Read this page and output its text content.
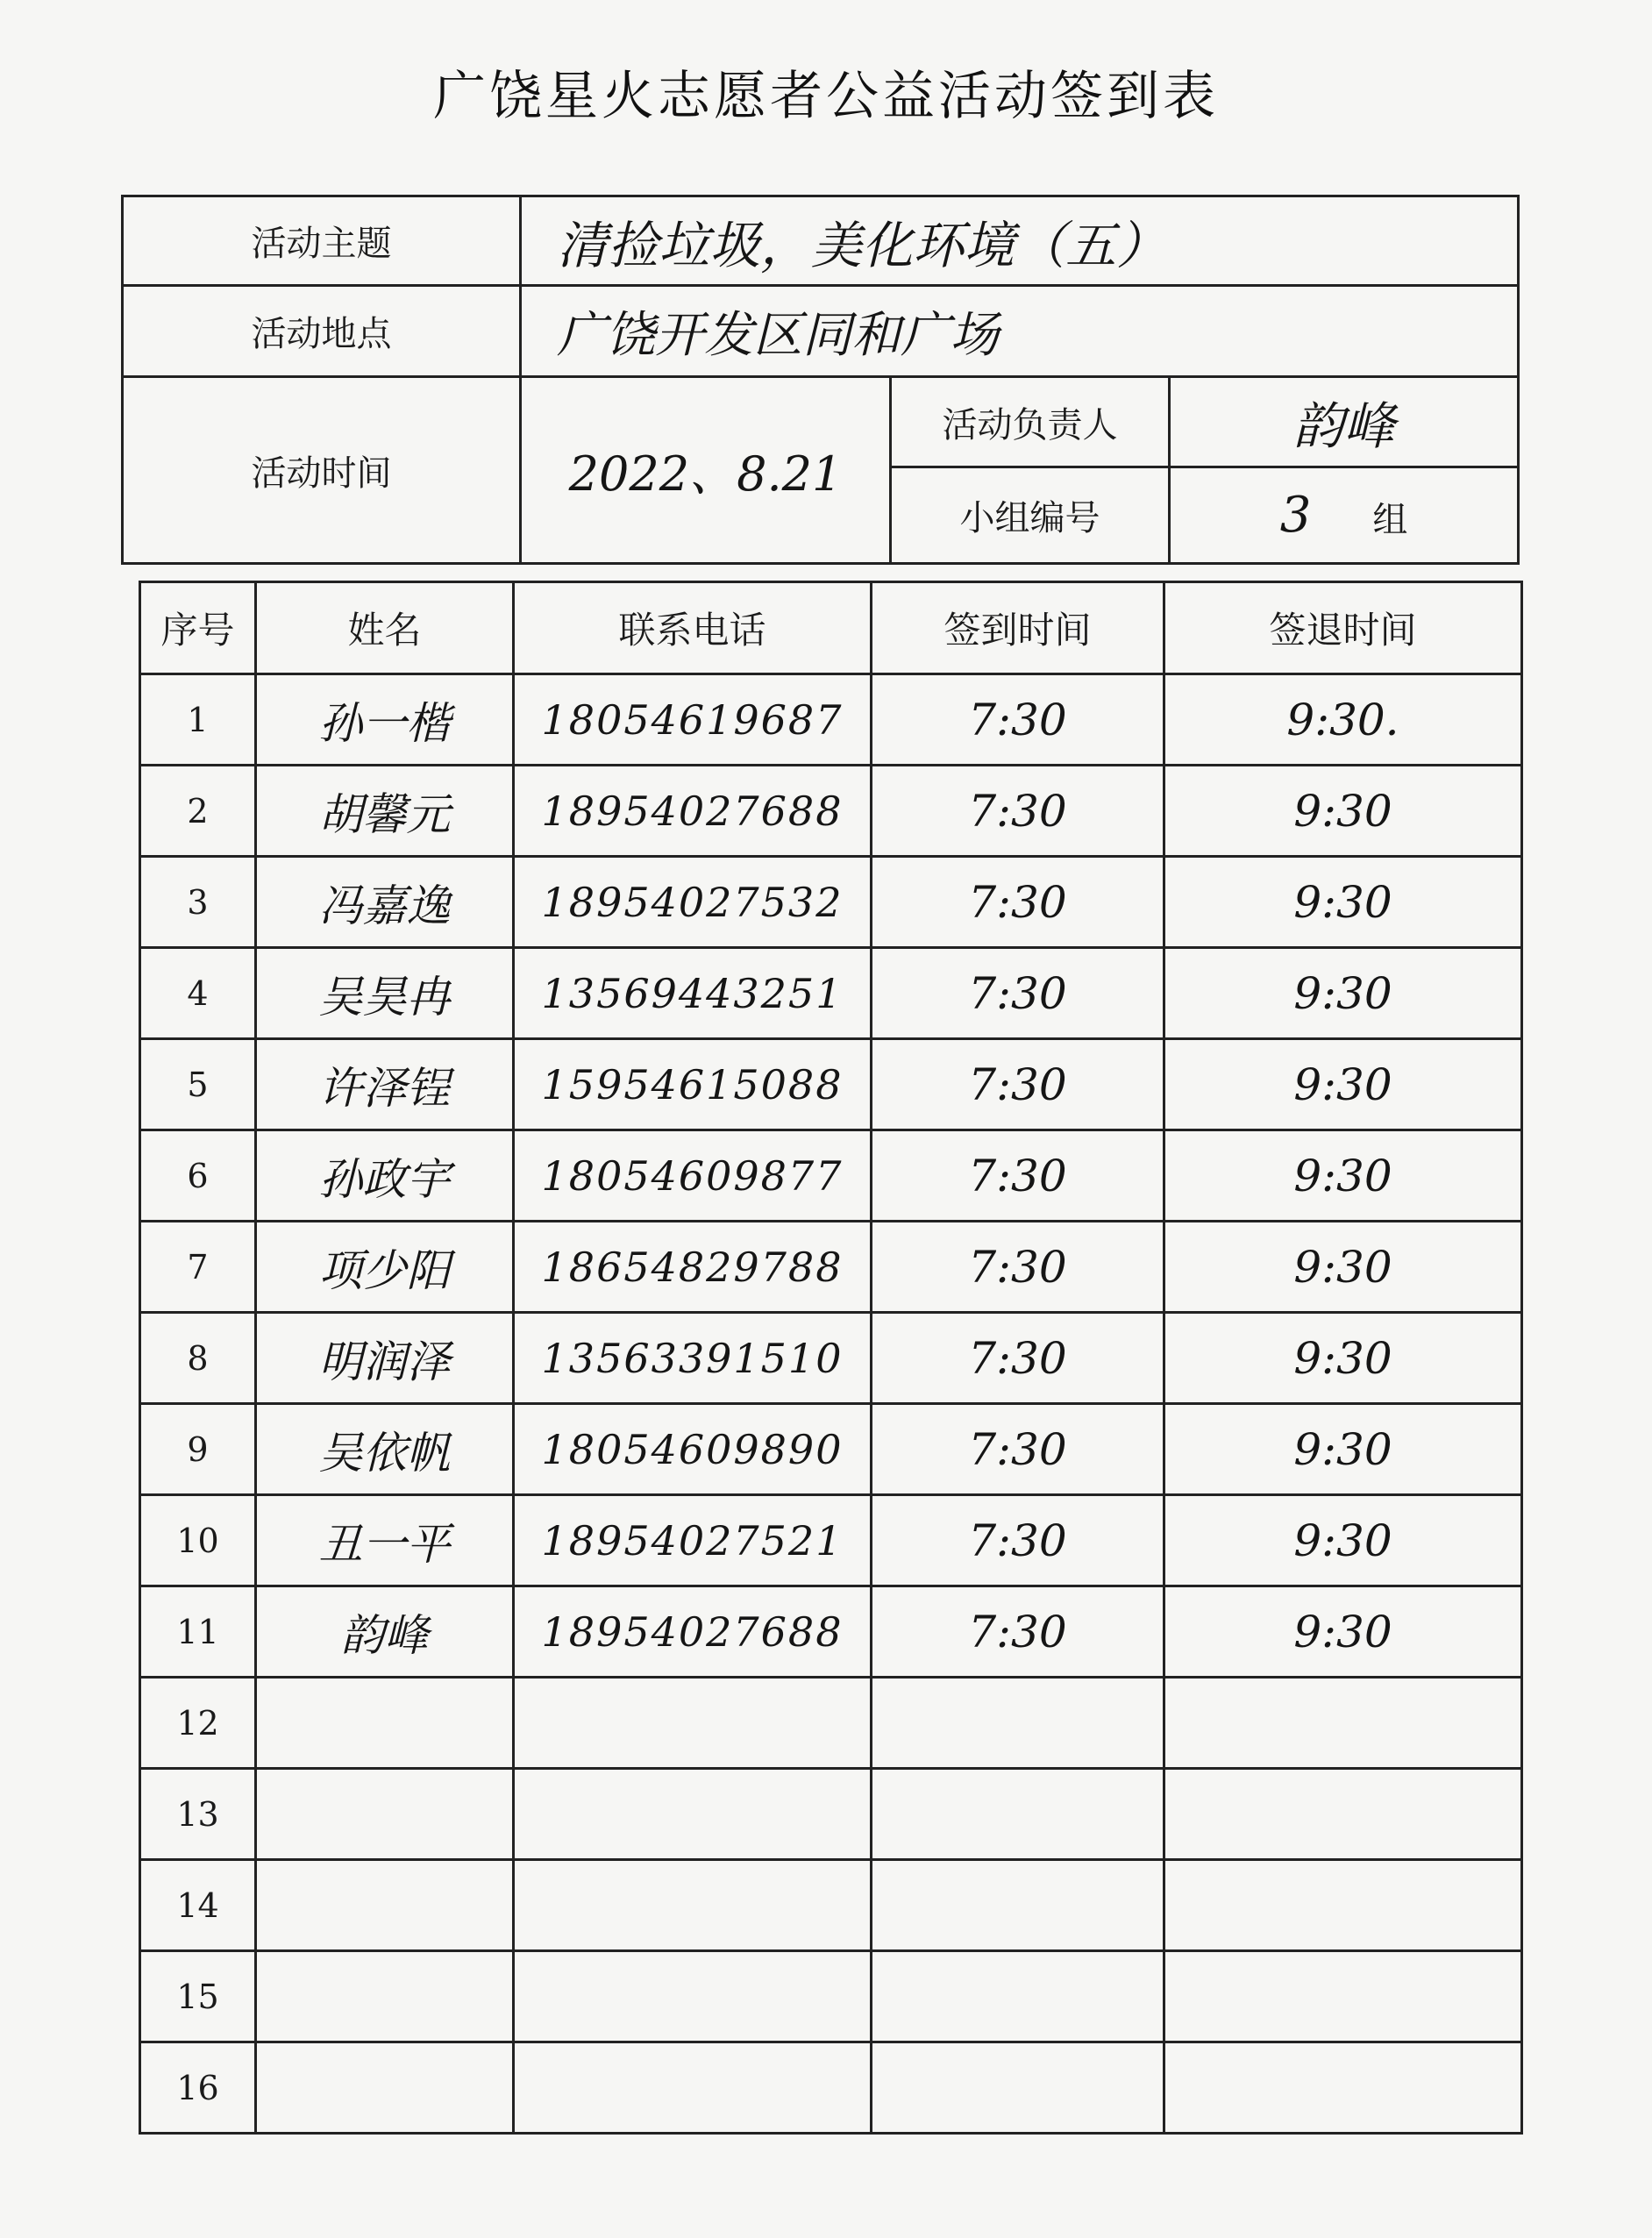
广饶星火志愿者公益活动签到表
活动主题	清捡垃圾，美化环境（五）		
活动地点	广饶开发区同和广场		
活动时间	2022、8.21	活动负责人	韵峰
		小组编号	3 组
序号	姓名	联系电话	签到时间	签退时间
1	孙一楷	18054619687	7:30	9:30.
2	胡馨元	18954027688	7:30	9:30
3	冯嘉逸	18954027532	7:30	9:30
4	吴昊冉	13569443251	7:30	9:30
5	许泽锃	15954615088	7:30	9:30
6	孙政宇	18054609877	7:30	9:30
7	项少阳	18654829788	7:30	9:30
8	明润泽	13563391510	7:30	9:30
9	吴依帆	18054609890	7:30	9:30
10	丑一平	18954027521	7:30	9:30
11	韵峰	18954027688	7:30	9:30
12				
13				
14				
15				
16				
